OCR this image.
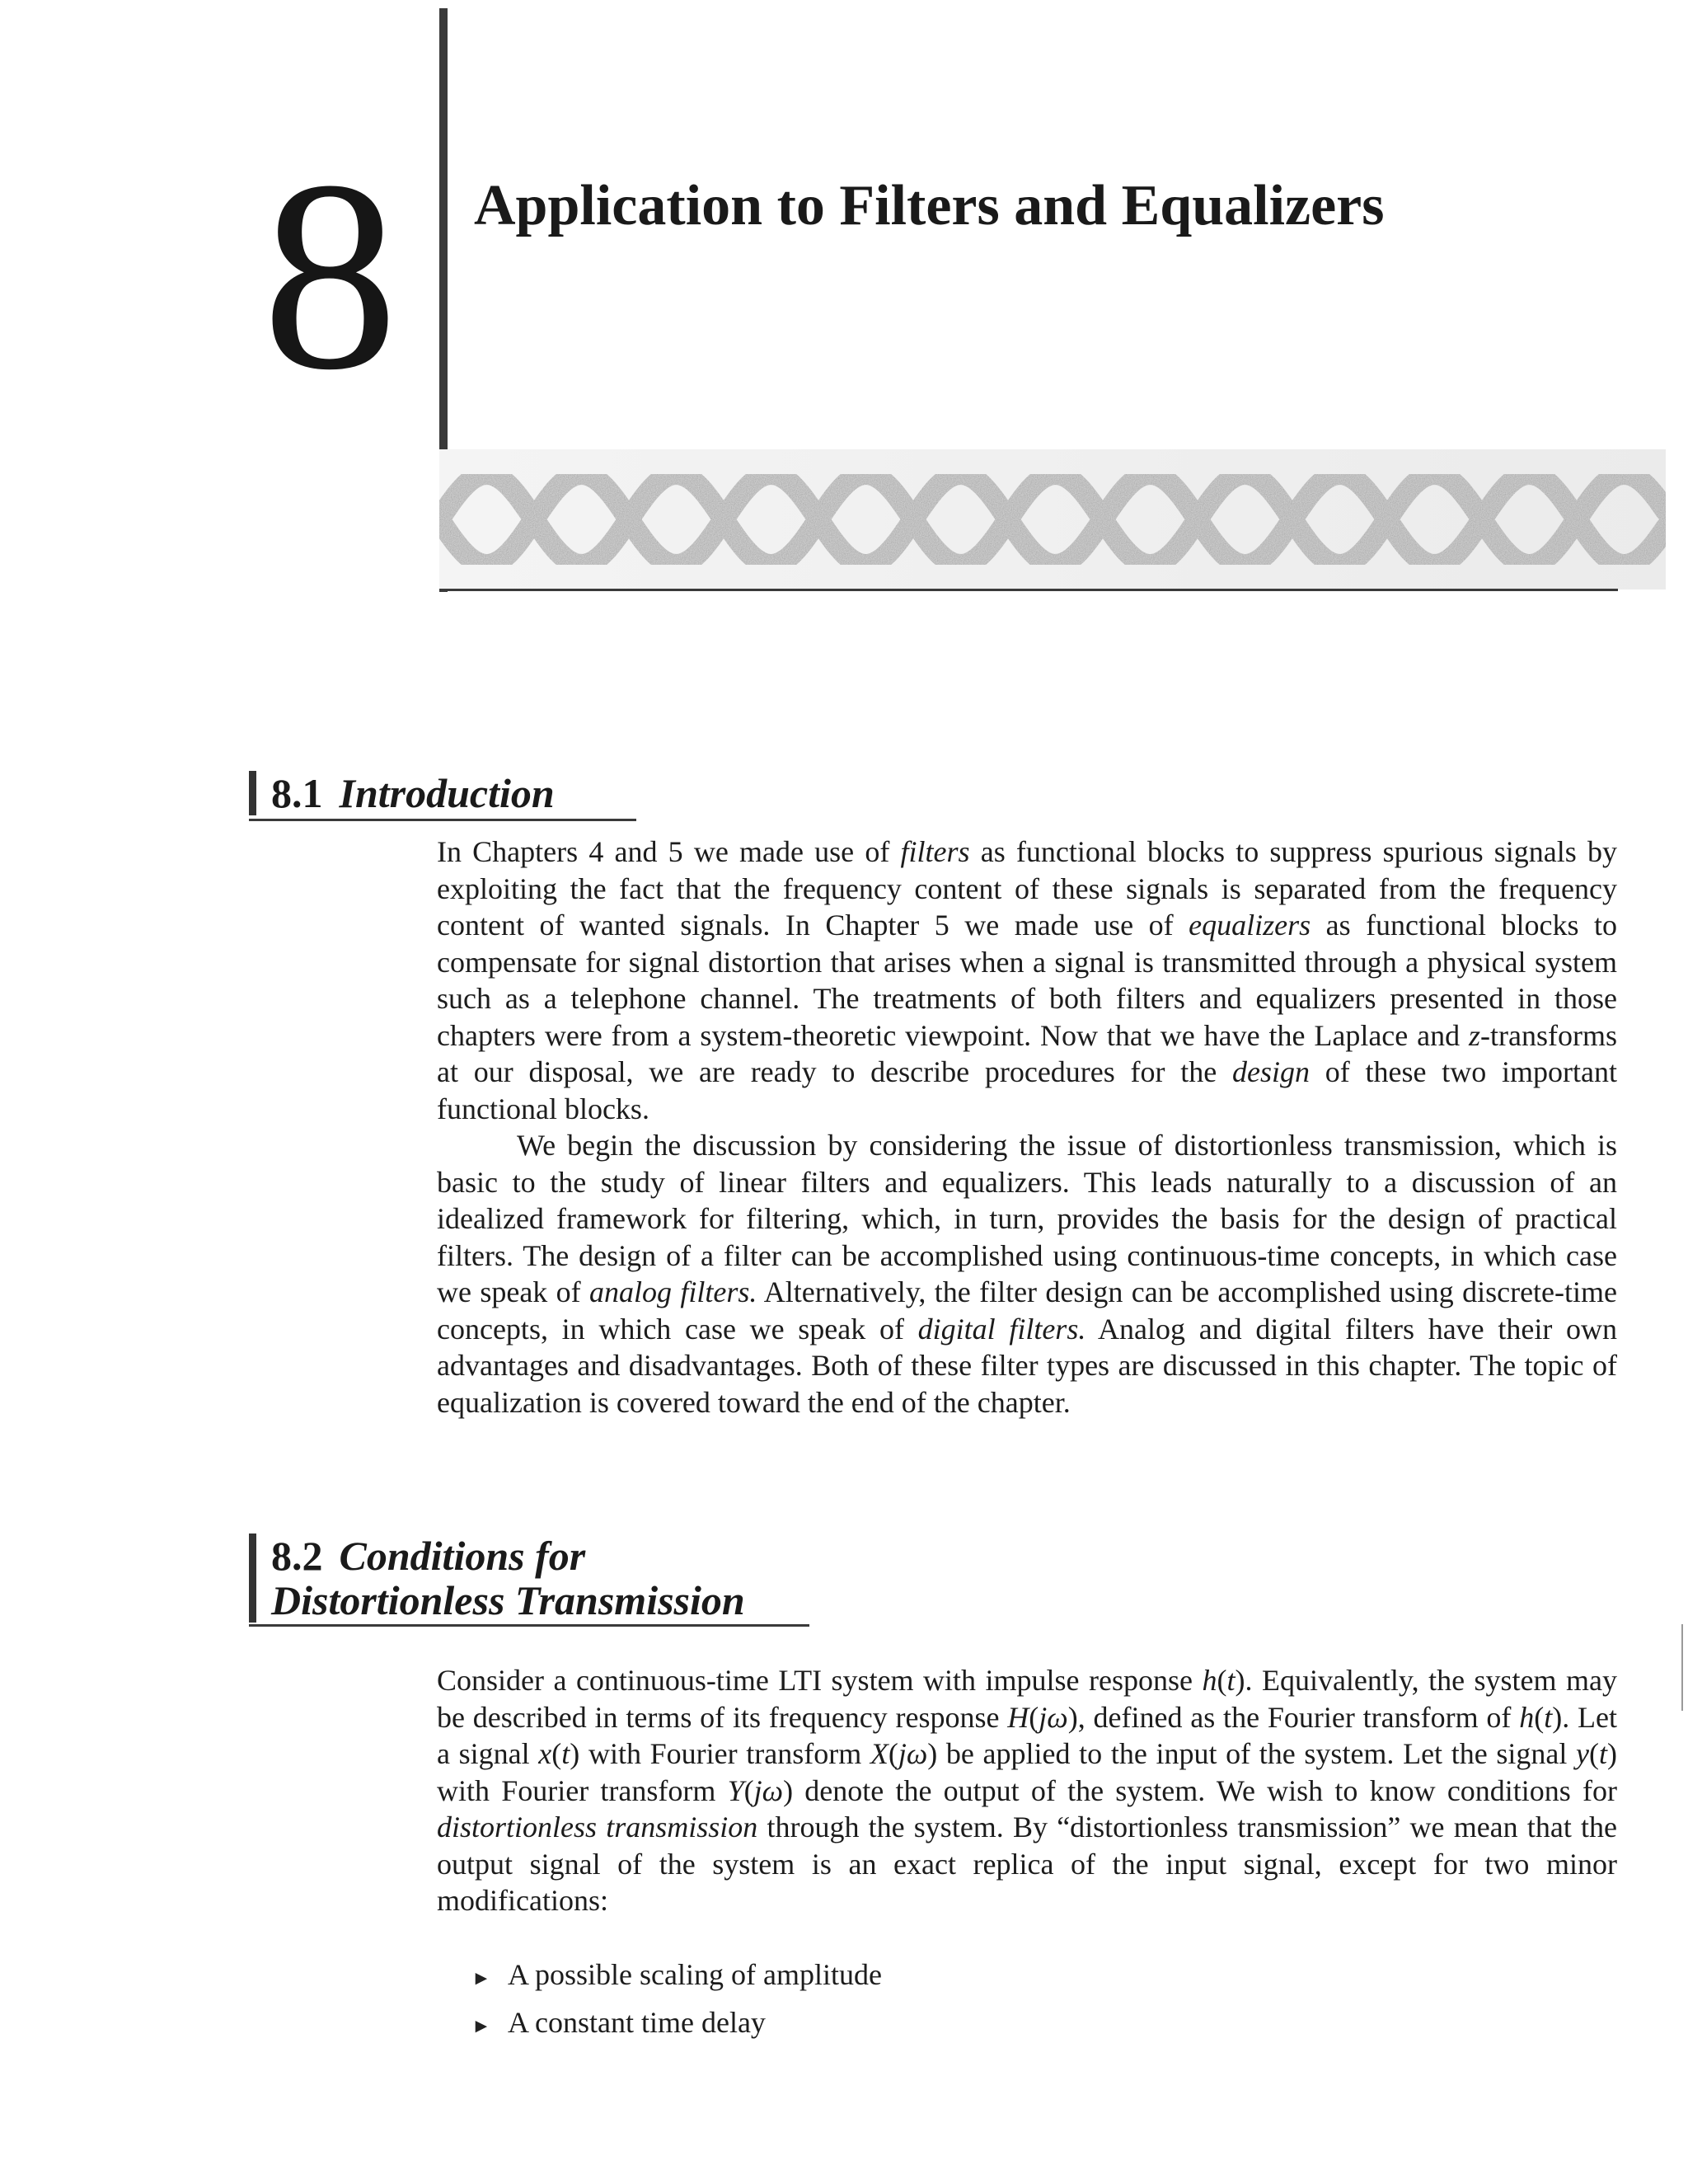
8 Application to Filters and Equalizers
8.1 Introduction

In Chapters 4 and 5 we made use of filters as functional blocks to suppress spurious signals by exploiting the fact that the frequency content of these signals is separated from the frequency content of wanted signals. In Chapter 5 we made use of equalizers as functional blocks to compensate for signal distortion that arises when a signal is transmitted through a physical system such as a telephone channel. The treatments of both filters and equalizers presented in those chapters were from a system-theoretic viewpoint. Now that we have the Laplace and z-transforms at our disposal, we are ready to describe procedures for the design of these two important functional blocks.

We begin the discussion by considering the issue of distortionless transmission, which is basic to the study of linear filters and equalizers. This leads naturally to a discussion of an idealized framework for filtering, which, in turn, provides the basis for the design of practical filters. The design of a filter can be accomplished using continuous-time concepts, in which case we speak of analog filters. Alternatively, the filter design can be accomplished using discrete-time concepts, in which case we speak of digital filters. Analog and digital filters have their own advantages and disadvantages. Both of these filter types are discussed in this chapter. The topic of equalization is covered toward the end of the chapter.

8.2 Conditions for
Distortionless Transmission

Consider a continuous-time LTI system with impulse response h(t). Equivalently, the system may be described in terms of its frequency response H(jω), defined as the Fourier transform of h(t). Let a signal x(t) with Fourier transform X(jω) be applied to the input of the system. Let the signal y(t) with Fourier transform Y(jω) denote the output of the system. We wish to know conditions for distortionless transmission through the system. By “distortionless transmission” we mean that the output signal of the system is an exact replica of the input signal, except for two minor modifications:

► A possible scaling of amplitude
► A constant time delay
